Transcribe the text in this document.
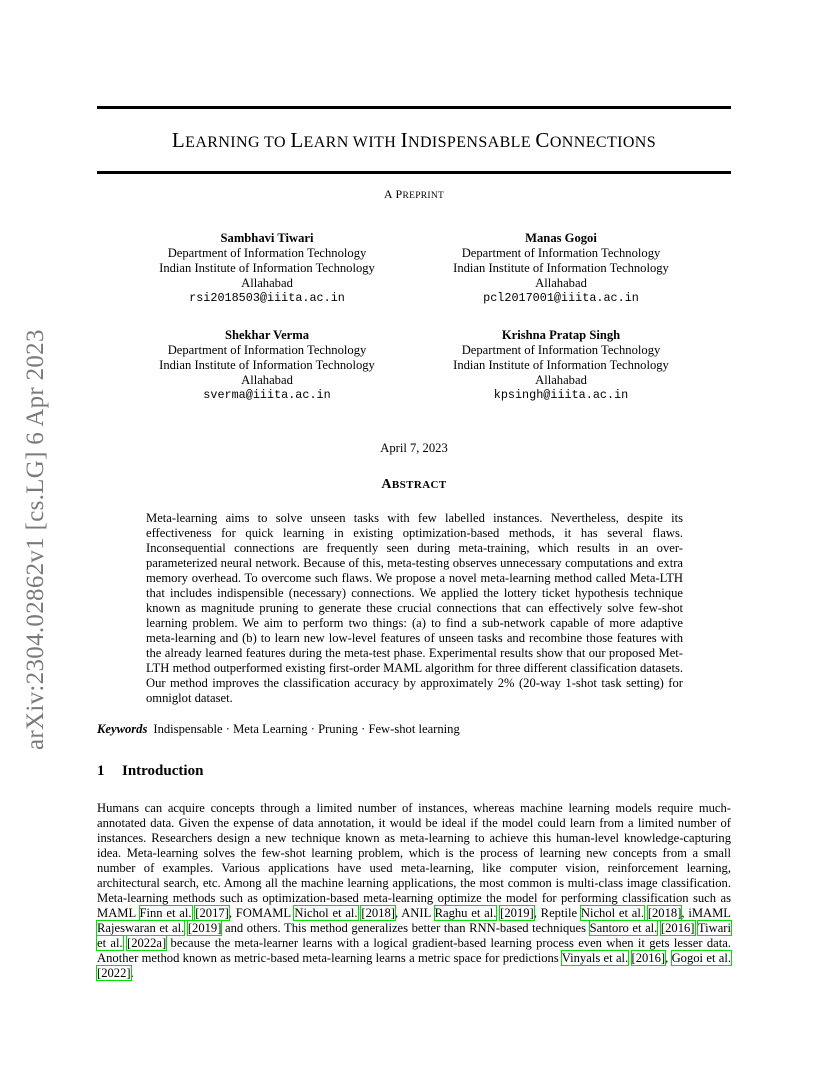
arXiv:2304.02862v1 [cs.LG] 6 Apr 2023
LEARNING TO LEARN WITH INDISPENSABLE CONNECTIONS
A PREPRINT
Sambhavi Tiwari
Department of Information Technology
Indian Institute of Information Technology
Allahabad
rsi2018503@iiita.ac.in
Manas Gogoi
Department of Information Technology
Indian Institute of Information Technology
Allahabad
pcl2017001@iiita.ac.in
Shekhar Verma
Department of Information Technology
Indian Institute of Information Technology
Allahabad
sverma@iiita.ac.in
Krishna Pratap Singh
Department of Information Technology
Indian Institute of Information Technology
Allahabad
kpsingh@iiita.ac.in
April 7, 2023
ABSTRACT
Meta-learning aims to solve unseen tasks with few labelled instances. Nevertheless, despite its effectiveness for quick learning in existing optimization-based methods, it has several flaws. Inconsequential connections are frequently seen during meta-training, which results in an over-parameterized neural network. Because of this, meta-testing observes unnecessary computations and extra memory overhead. To overcome such flaws. We propose a novel meta-learning method called Meta-LTH that includes indispensible (necessary) connections. We applied the lottery ticket hypothesis technique known as magnitude pruning to generate these crucial connections that can effectively solve few-shot learning problem. We aim to perform two things: (a) to find a sub-network capable of more adaptive meta-learning and (b) to learn new low-level features of unseen tasks and recombine those features with the already learned features during the meta-test phase. Experimental results show that our proposed Met-LTH method outperformed existing first-order MAML algorithm for three different classification datasets. Our method improves the classification accuracy by approximately 2% (20-way 1-shot task setting) for omniglot dataset.
Keywords Indispensable · Meta Learning · Pruning · Few-shot learning
1 Introduction
Humans can acquire concepts through a limited number of instances, whereas machine learning models require much-annotated data. Given the expense of data annotation, it would be ideal if the model could learn from a limited number of instances. Researchers design a new technique known as meta-learning to achieve this human-level knowledge-capturing idea. Meta-learning solves the few-shot learning problem, which is the process of learning new concepts from a small number of examples. Various applications have used meta-learning, like computer vision, reinforcement learning, architectural search, etc. Among all the machine learning applications, the most common is multi-class image classification. Meta-learning methods such as optimization-based meta-learning optimize the model for performing classification such as MAML Finn et al. [2017], FOMAML Nichol et al. [2018], ANIL Raghu et al. [2019], Reptile Nichol et al. [2018], iMAML Rajeswaran et al. [2019] and others. This method generalizes better than RNN-based techniques Santoro et al. [2016] Tiwari et al. [2022a] because the meta-learner learns with a logical gradient-based learning process even when it gets lesser data. Another method known as metric-based meta-learning learns a metric space for predictions Vinyals et al. [2016], Gogoi et al. [2022].
